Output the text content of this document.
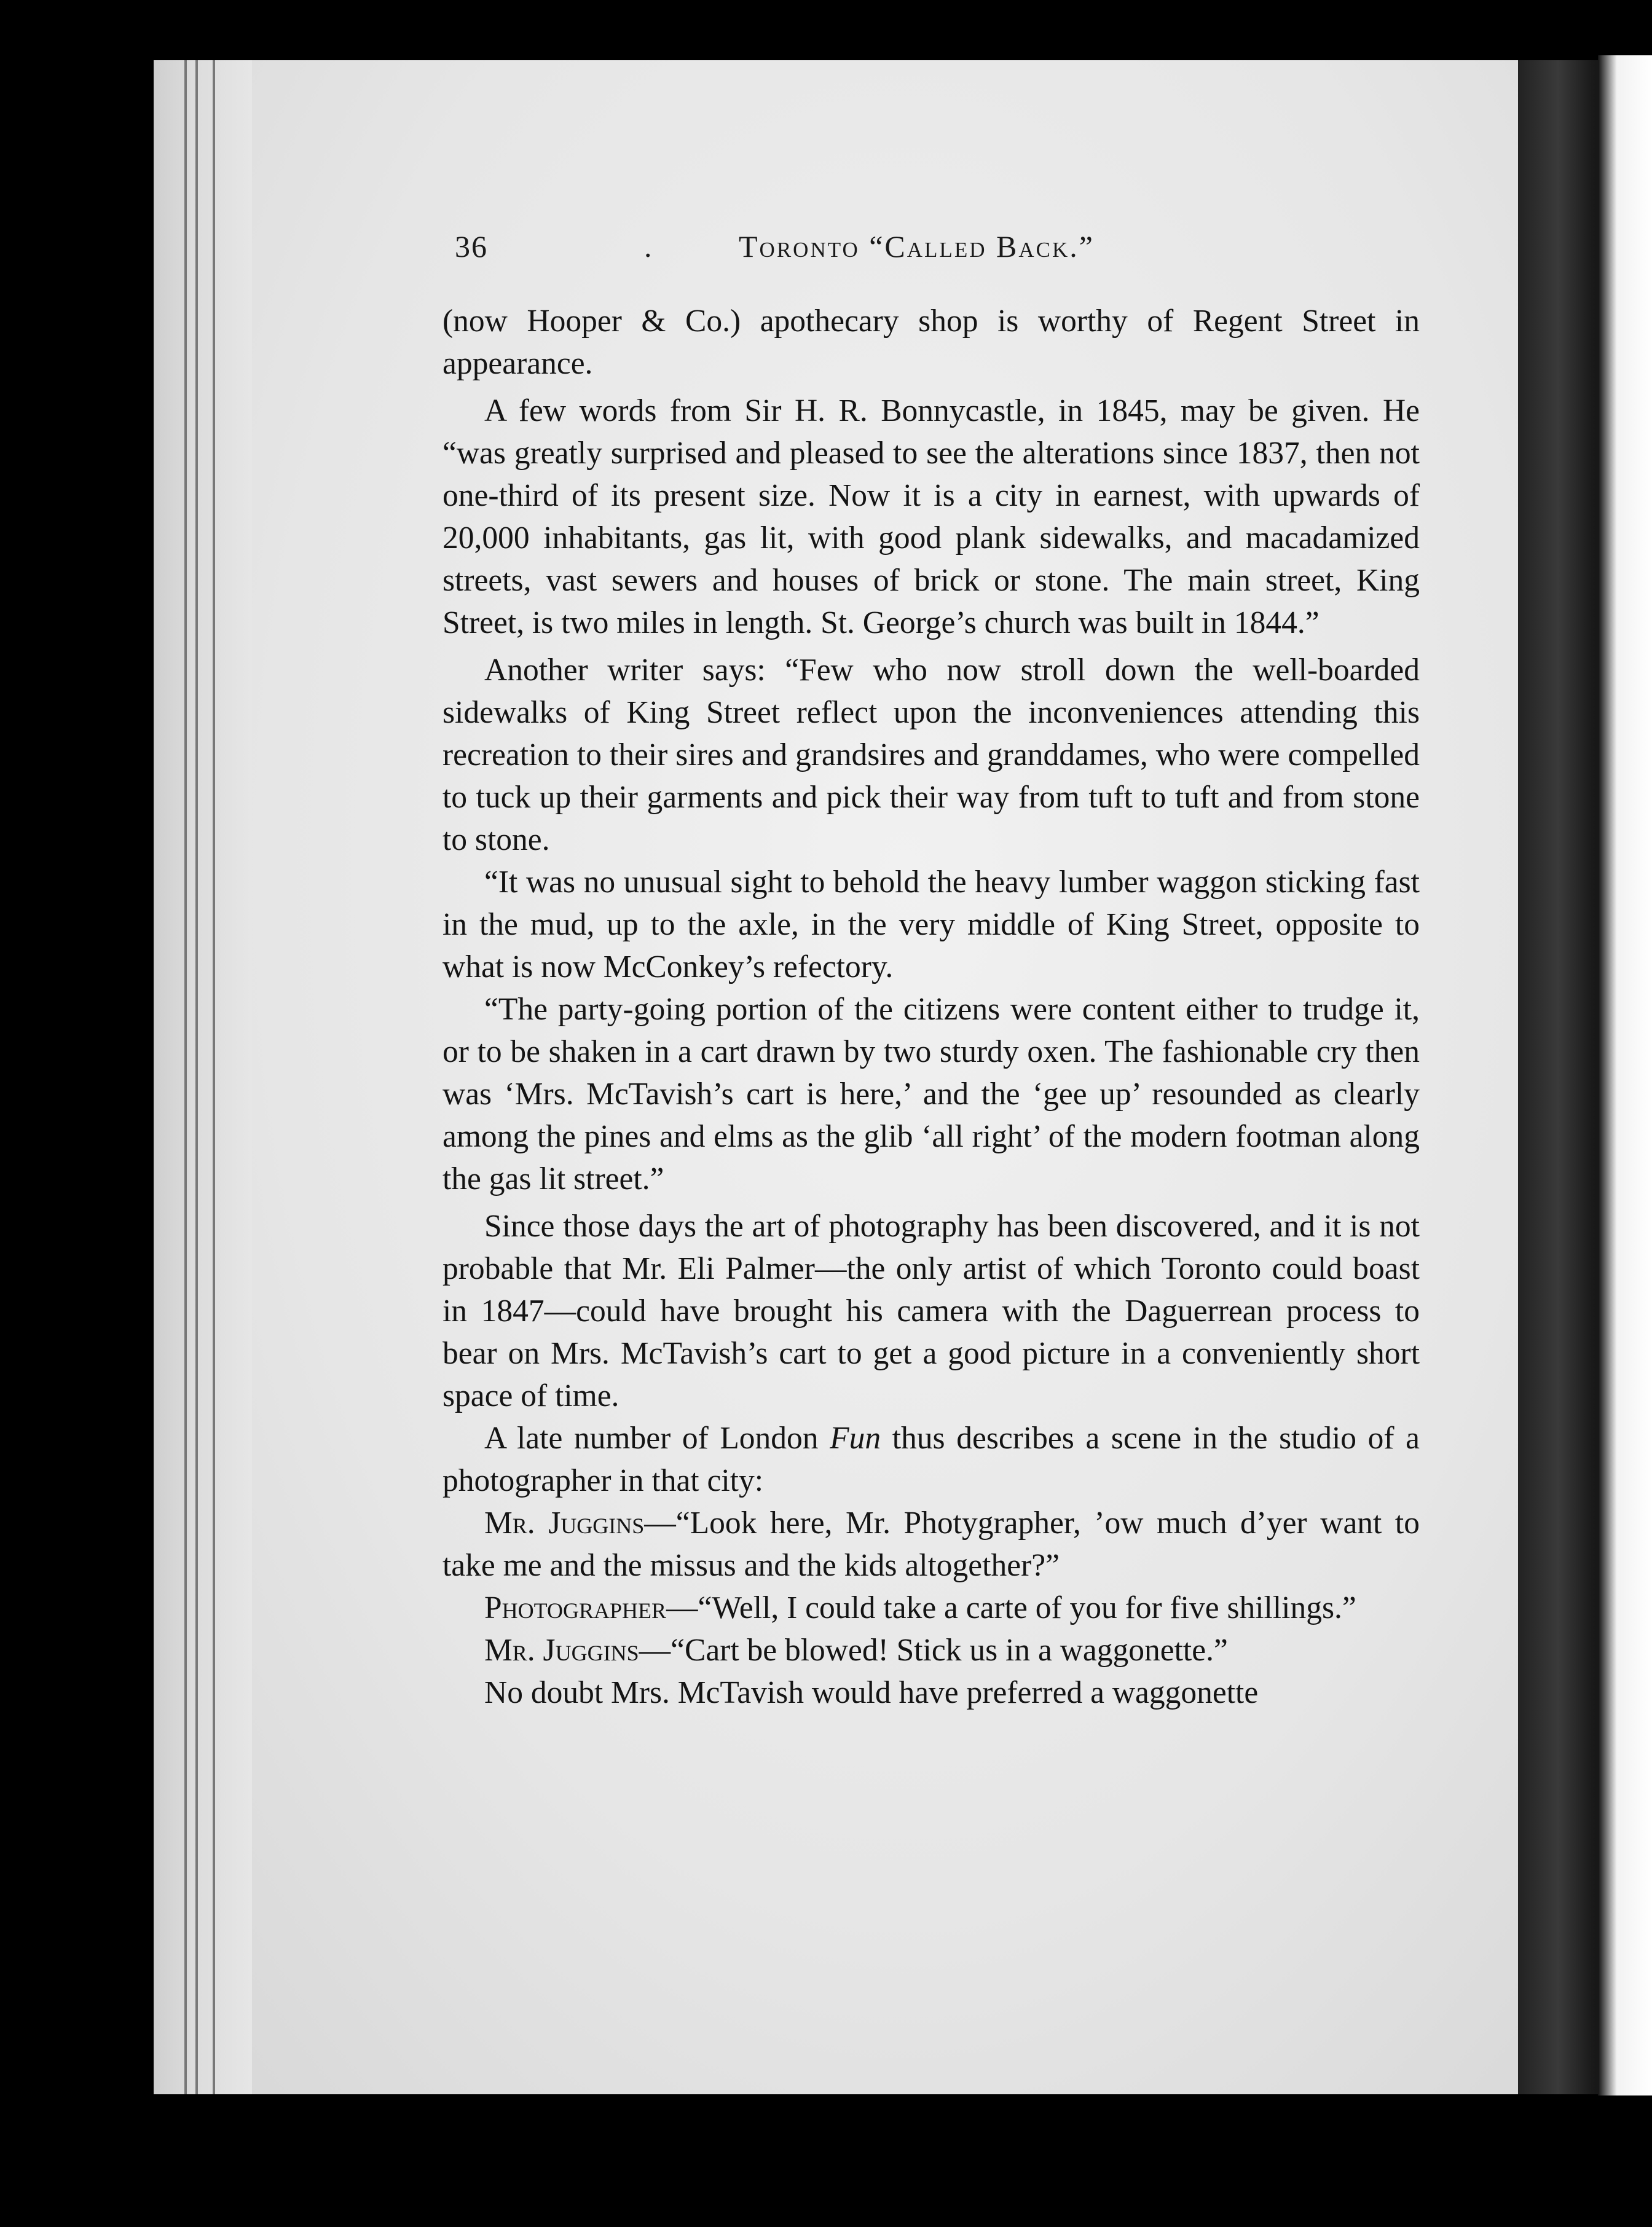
36	.	Toronto “Called Back.”

(now Hooper & Co.) apothecary shop is worthy of Regent Street in appearance.

A few words from Sir H. R. Bonnycastle, in 1845, may be given. He “was greatly surprised and pleased to see the alterations since 1837, then not one-third of its present size. Now it is a city in earnest, with upwards of 20,000 inhabitants, gas lit, with good plank sidewalks, and macadamized streets, vast sewers and houses of brick or stone. The main street, King Street, is two miles in length. St. George’s church was built in 1844.”

Another writer says: “Few who now stroll down the well-boarded sidewalks of King Street reflect upon the inconveniences attending this recreation to their sires and grandsires and granddames, who were compelled to tuck up their garments and pick their way from tuft to tuft and from stone to stone.

“It was no unusual sight to behold the heavy lumber waggon sticking fast in the mud, up to the axle, in the very middle of King Street, opposite to what is now McConkey’s refectory.

“The party-going portion of the citizens were content either to trudge it, or to be shaken in a cart drawn by two sturdy oxen. The fashionable cry then was ‘Mrs. McTavish’s cart is here,’ and the ‘gee up’ resounded as clearly among the pines and elms as the glib ‘all right’ of the modern footman along the gas lit street.”

Since those days the art of photography has been discovered, and it is not probable that Mr. Eli Palmer—the only artist of which Toronto could boast in 1847—could have brought his camera with the Daguerrean process to bear on Mrs. McTavish’s cart to get a good picture in a conveniently short space of time.

A late number of London Fun thus describes a scene in the studio of a photographer in that city:

Mr. Juggins—“Look here, Mr. Photygrapher, ’ow much d’yer want to take me and the missus and the kids altogether?”

Photographer—“Well, I could take a carte of you for five shillings.”

Mr. Juggins—“Cart be blowed! Stick us in a waggonette.”

No doubt Mrs. McTavish would have preferred a waggonette
